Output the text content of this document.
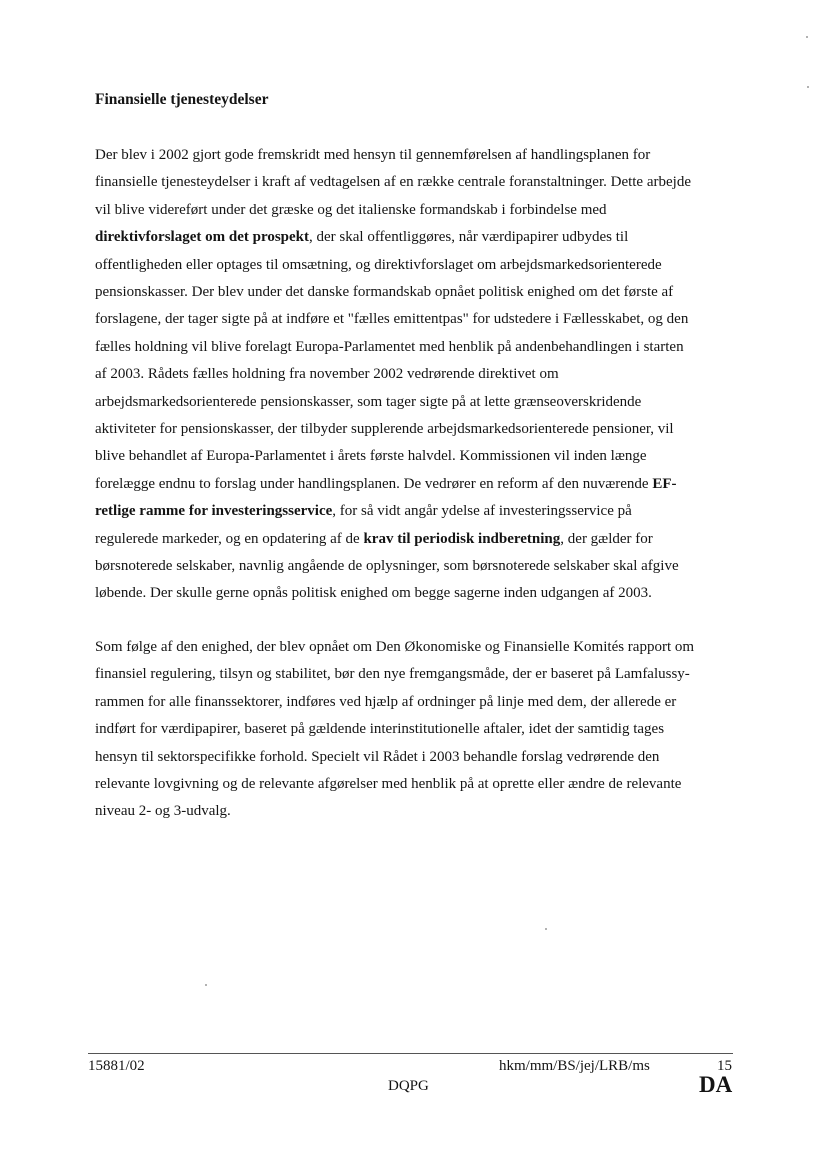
Finansielle tjenesteydelser
Der blev i 2002 gjort gode fremskridt med hensyn til gennemførelsen af handlingsplanen for
finansielle tjenesteydelser i kraft af vedtagelsen af en række centrale foranstaltninger. Dette arbejde
vil blive videreført under det græske og det italienske formandskab i forbindelse med
direktivforslaget om det prospekt, der skal offentliggøres, når værdipapirer udbydes til
offentligheden eller optages til omsætning, og direktivforslaget om arbejdsmarkedsorienterede
pensionskasser. Der blev under det danske formandskab opnået politisk enighed om det første af
forslagene, der tager sigte på at indføre et "fælles emittentpas" for udstedere i Fællesskabet, og den
fælles holdning vil blive forelagt Europa-Parlamentet med henblik på andenbehandlingen i starten
af 2003. Rådets fælles holdning fra november 2002 vedrørende direktivet om
arbejdsmarkedsorienterede pensionskasser, som tager sigte på at lette grænseoverskridende
aktiviteter for pensionskasser, der tilbyder supplerende arbejdsmarkedsorienterede pensioner, vil
blive behandlet af Europa-Parlamentet i årets første halvdel. Kommissionen vil inden længe
forelægge endnu to forslag under handlingsplanen. De vedrører en reform af den nuværende EF-
retlige ramme for investeringsservice, for så vidt angår ydelse af investeringsservice på
regulerede markeder, og en opdatering af de krav til periodisk indberetning, der gælder for
børsnoterede selskaber, navnlig angående de oplysninger, som børsnoterede selskaber skal afgive
løbende. Der skulle gerne opnås politisk enighed om begge sagerne inden udgangen af 2003.
Som følge af den enighed, der blev opnået om Den Økonomiske og Finansielle Komités rapport om
finansiel regulering, tilsyn og stabilitet, bør den nye fremgangsmåde, der er baseret på Lamfalussy-
rammen for alle finanssektorer, indføres ved hjælp af ordninger på linje med dem, der allerede er
indført for værdipapirer, baseret på gældende interinstitutionelle aftaler, idet der samtidig tages
hensyn til sektorspecifikke forhold. Specielt vil Rådet i 2003 behandle forslag vedrørende den
relevante lovgivning og de relevante afgørelser med henblik på at oprette eller ændre de relevante
niveau 2- og 3-udvalg.
15881/02	hkm/mm/BS/jej/LRB/ms	15
DQPG	DA
